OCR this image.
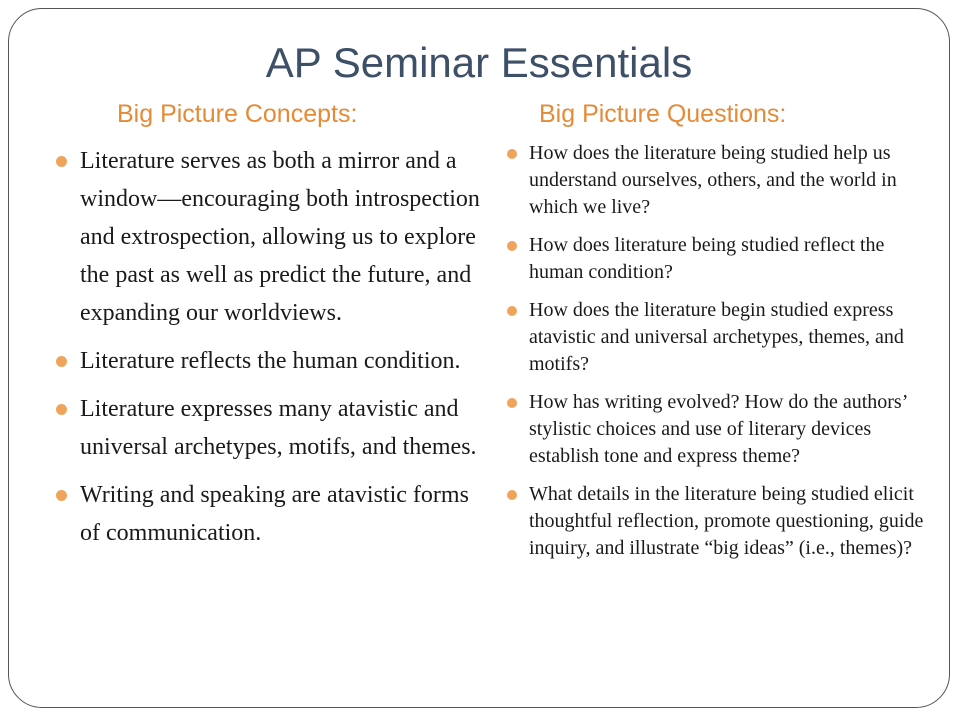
AP Seminar Essentials
Big Picture Concepts:	Big Picture Questions:
Literature serves as both a mirror and a window—encouraging both introspection and extrospection, allowing us to explore the past as well as predict the future, and expanding our worldviews.
Literature reflects the human condition.
Literature expresses many atavistic and universal archetypes, motifs, and themes.
Writing and speaking are atavistic forms of communication.
How does the literature being studied help us understand ourselves, others, and the world in which we live?
How does literature being studied reflect the human condition?
How does the literature begin studied express atavistic and universal archetypes, themes, and motifs?
How has writing evolved? How do the authors’ stylistic choices and use of literary devices establish tone and express theme?
What details in the literature being studied elicit thoughtful reflection, promote questioning, guide inquiry, and illustrate “big ideas” (i.e., themes)?
